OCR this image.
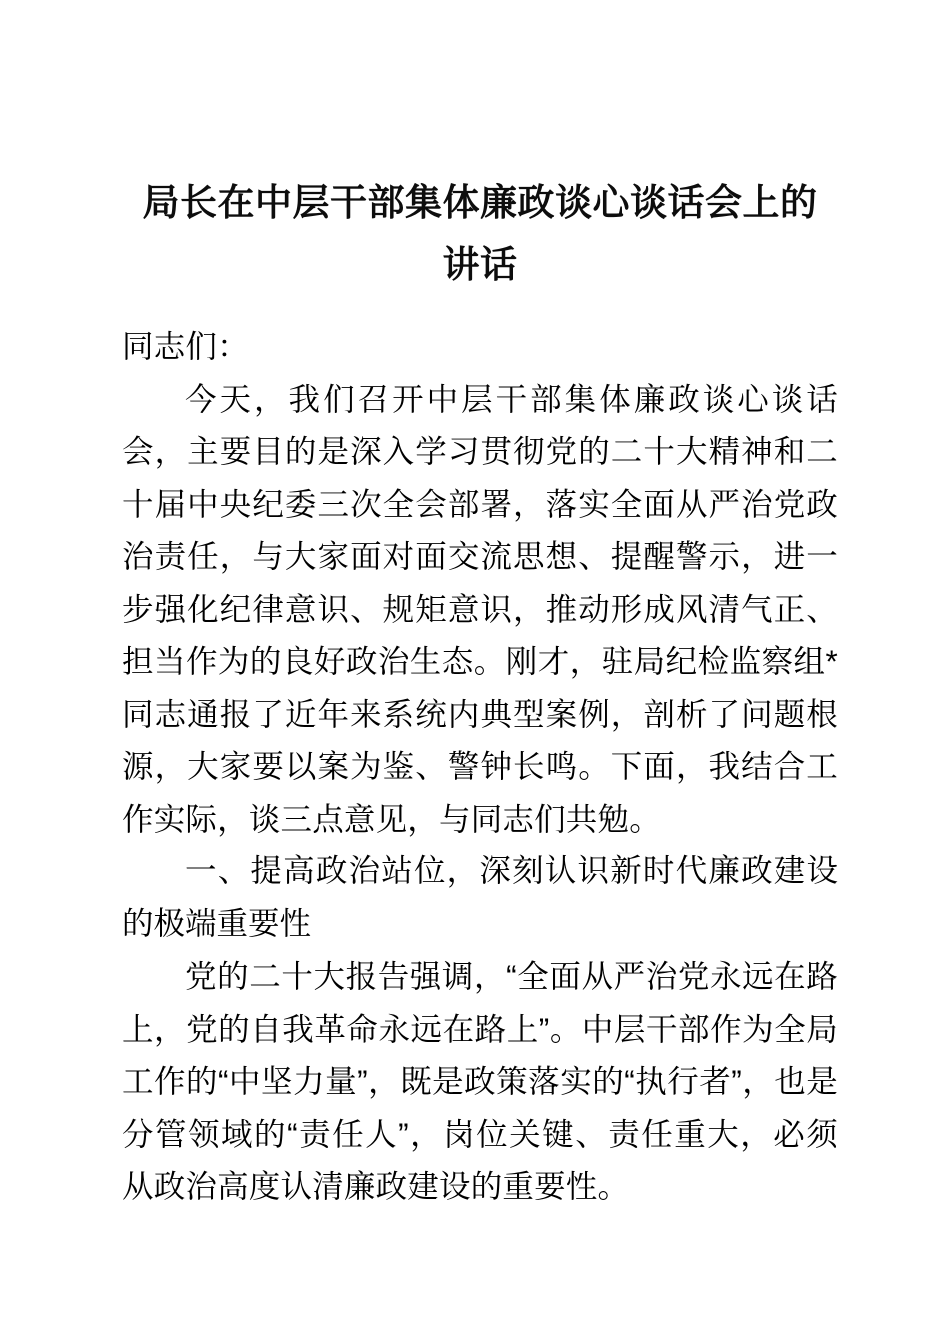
局长在中层干部集体廉政谈心谈话会上的
讲话

同志们：

今天，我们召开中层干部集体廉政谈心谈话会，主要目的是深入学习贯彻党的二十大精神和二十届中央纪委三次全会部署，落实全面从严治党政治责任，与大家面对面交流思想、提醒警示，进一步强化纪律意识、规矩意识，推动形成风清气正、担当作为的良好政治生态。刚才，驻局纪检监察组*同志通报了近年来系统内典型案例，剖析了问题根源，大家要以案为鉴、警钟长鸣。下面，我结合工作实际，谈三点意见，与同志们共勉。

一、提高政治站位，深刻认识新时代廉政建设的极端重要性

党的二十大报告强调，“全面从严治党永远在路上，党的自我革命永远在路上”。中层干部作为全局工作的“中坚力量”，既是政策落实的“执行者”，也是分管领域的“责任人”，岗位关键、责任重大，必须从政治高度认清廉政建设的重要性。
